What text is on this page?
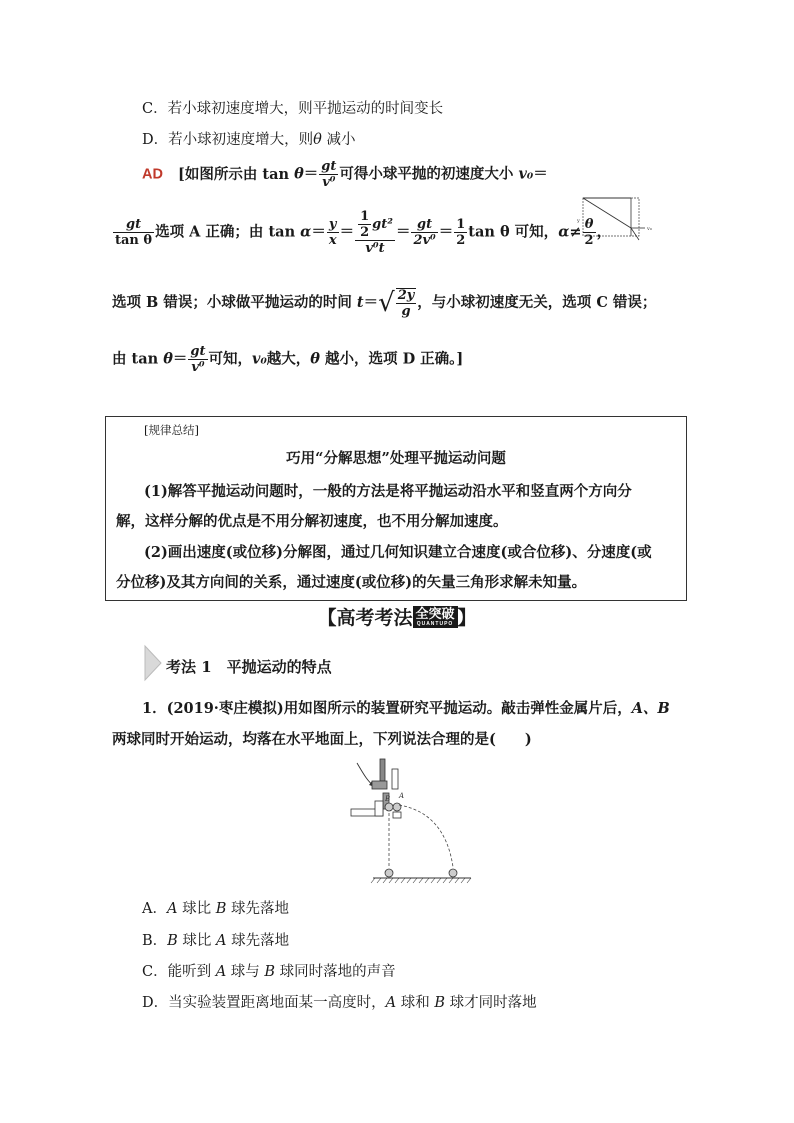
C．若小球初速度增大，则平抛运动的时间变长
D．若小球初速度增大，则θ 减小
AD [如图所示由 $\tan \theta= \frac{gt}{\text{v⁰}}$ 可得小球平抛的初速度大小 v₀＝
y
v₀
$\frac{gt}{\text{tan θ}}$ 选项 A 正确；由 $\tan \alpha= \frac{y}{x} = \frac{\frac{1}{2} gt^2}{\text{v⁰t}} = \frac{gt}{\text{2v⁰}} = \frac{1}{2}$ tan θ 可知，$\alpha\ne \frac{\theta}{2}$ ，
选项 B 错误；小球做平抛运动的时间 $t=√ \frac{2y}{g}$ ，与小球初速度无关，选项 C 错误；
由 $\tan \theta= \frac{gt}{\text{v⁰}}$ 可知，v₀越大，θ 越小，选项 D 正确。]
[规律总结]
巧用“分解思想”处理平抛运动问题
(1)解答平抛运动问题时，一般的方法是将平抛运动沿水平和竖直两个方向分
解，这样分解的优点是不用分解初速度，也不用分解加速度。
(2)画出速度(或位移)分解图，通过几何知识建立合速度(或合位移)、分速度(或
分位移)及其方向间的关系，通过速度(或位移)的矢量三角形求解未知量。
【高考考法 全突破
QUANTUPO 】
考法 1　平抛运动的特点
1．(2019·枣庄模拟)用如图所示的装置研究平抛运动。敲击弹性金属片后，A、B
两球同时开始运动，均落在水平地面上，下列说法合理的是(　　)
B A
A．A 球比 B 球先落地
B．B 球比 A 球先落地
C．能听到 A 球与 B 球同时落地的声音
D．当实验装置距离地面某一高度时，A 球和 B 球才同时落地
